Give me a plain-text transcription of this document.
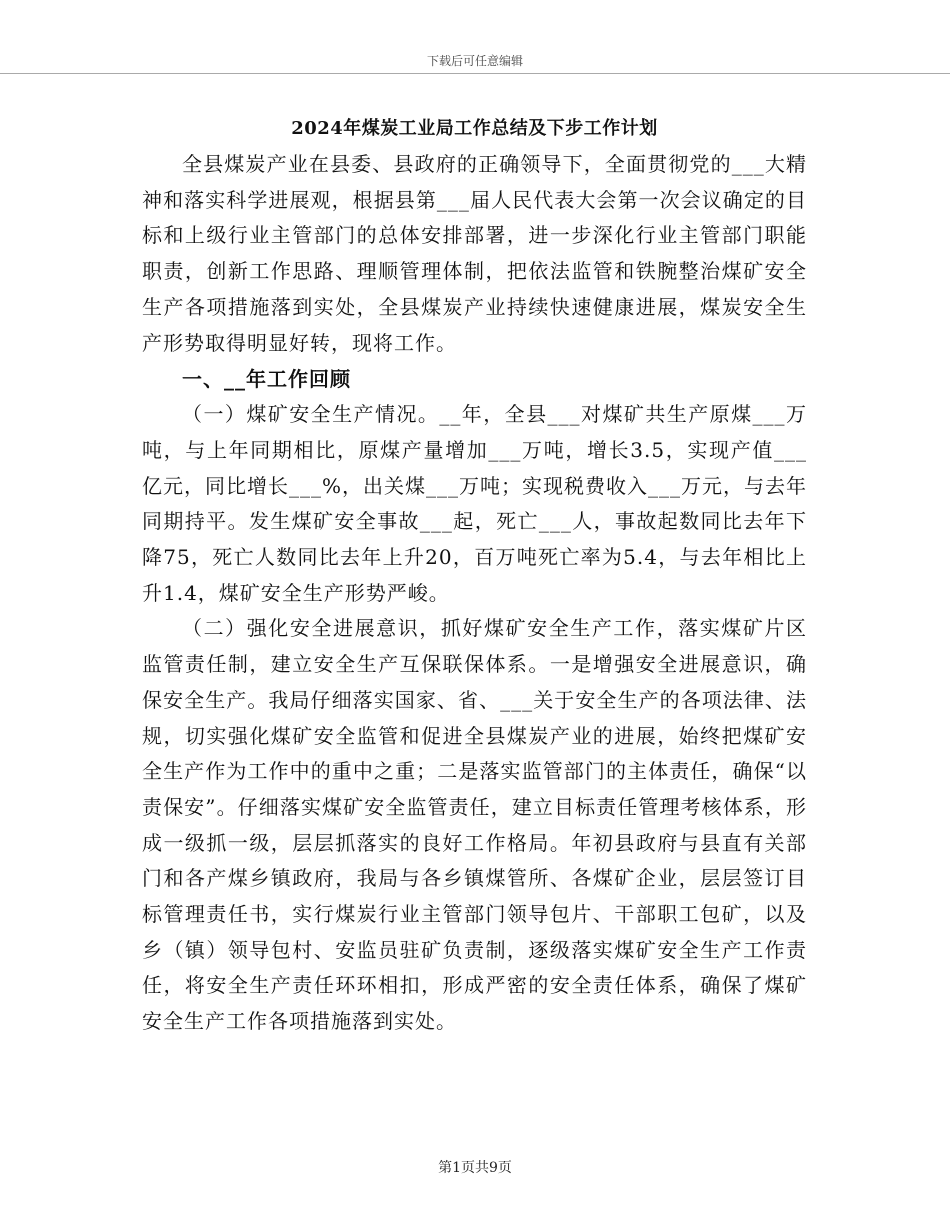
下载后可任意编辑
2024年煤炭工业局工作总结及下步工作计划

全县煤炭产业在县委、县政府的正确领导下，全面贯彻党的___大精神和落实科学进展观，根据县第___届人民代表大会第一次会议确定的目标和上级行业主管部门的总体安排部署，进一步深化行业主管部门职能职责，创新工作思路、理顺管理体制，把依法监管和铁腕整治煤矿安全生产各项措施落到实处，全县煤炭产业持续快速健康进展，煤炭安全生产形势取得明显好转，现将工作。

一、__年工作回顾

（一）煤矿安全生产情况。__年，全县___对煤矿共生产原煤___万吨，与上年同期相比，原煤产量增加___万吨，增长3.5，实现产值___亿元，同比增长___%，出关煤___万吨；实现税费收入___万元，与去年同期持平。发生煤矿安全事故___起，死亡___人，事故起数同比去年下降75，死亡人数同比去年上升20，百万吨死亡率为5.4，与去年相比上升1.4，煤矿安全生产形势严峻。

（二）强化安全进展意识，抓好煤矿安全生产工作，落实煤矿片区监管责任制，建立安全生产互保联保体系。一是增强安全进展意识，确保安全生产。我局仔细落实国家、省、___关于安全生产的各项法律、法规，切实强化煤矿安全监管和促进全县煤炭产业的进展，始终把煤矿安全生产作为工作中的重中之重；二是落实监管部门的主体责任，确保“以责保安”。仔细落实煤矿安全监管责任，建立目标责任管理考核体系，形成一级抓一级，层层抓落实的良好工作格局。年初县政府与县直有关部门和各产煤乡镇政府，我局与各乡镇煤管所、各煤矿企业，层层签订目标管理责任书，实行煤炭行业主管部门领导包片、干部职工包矿，以及乡（镇）领导包村、安监员驻矿负责制，逐级落实煤矿安全生产工作责任，将安全生产责任环环相扣，形成严密的安全责任体系，确保了煤矿安全生产工作各项措施落到实处。

第1页共9页
